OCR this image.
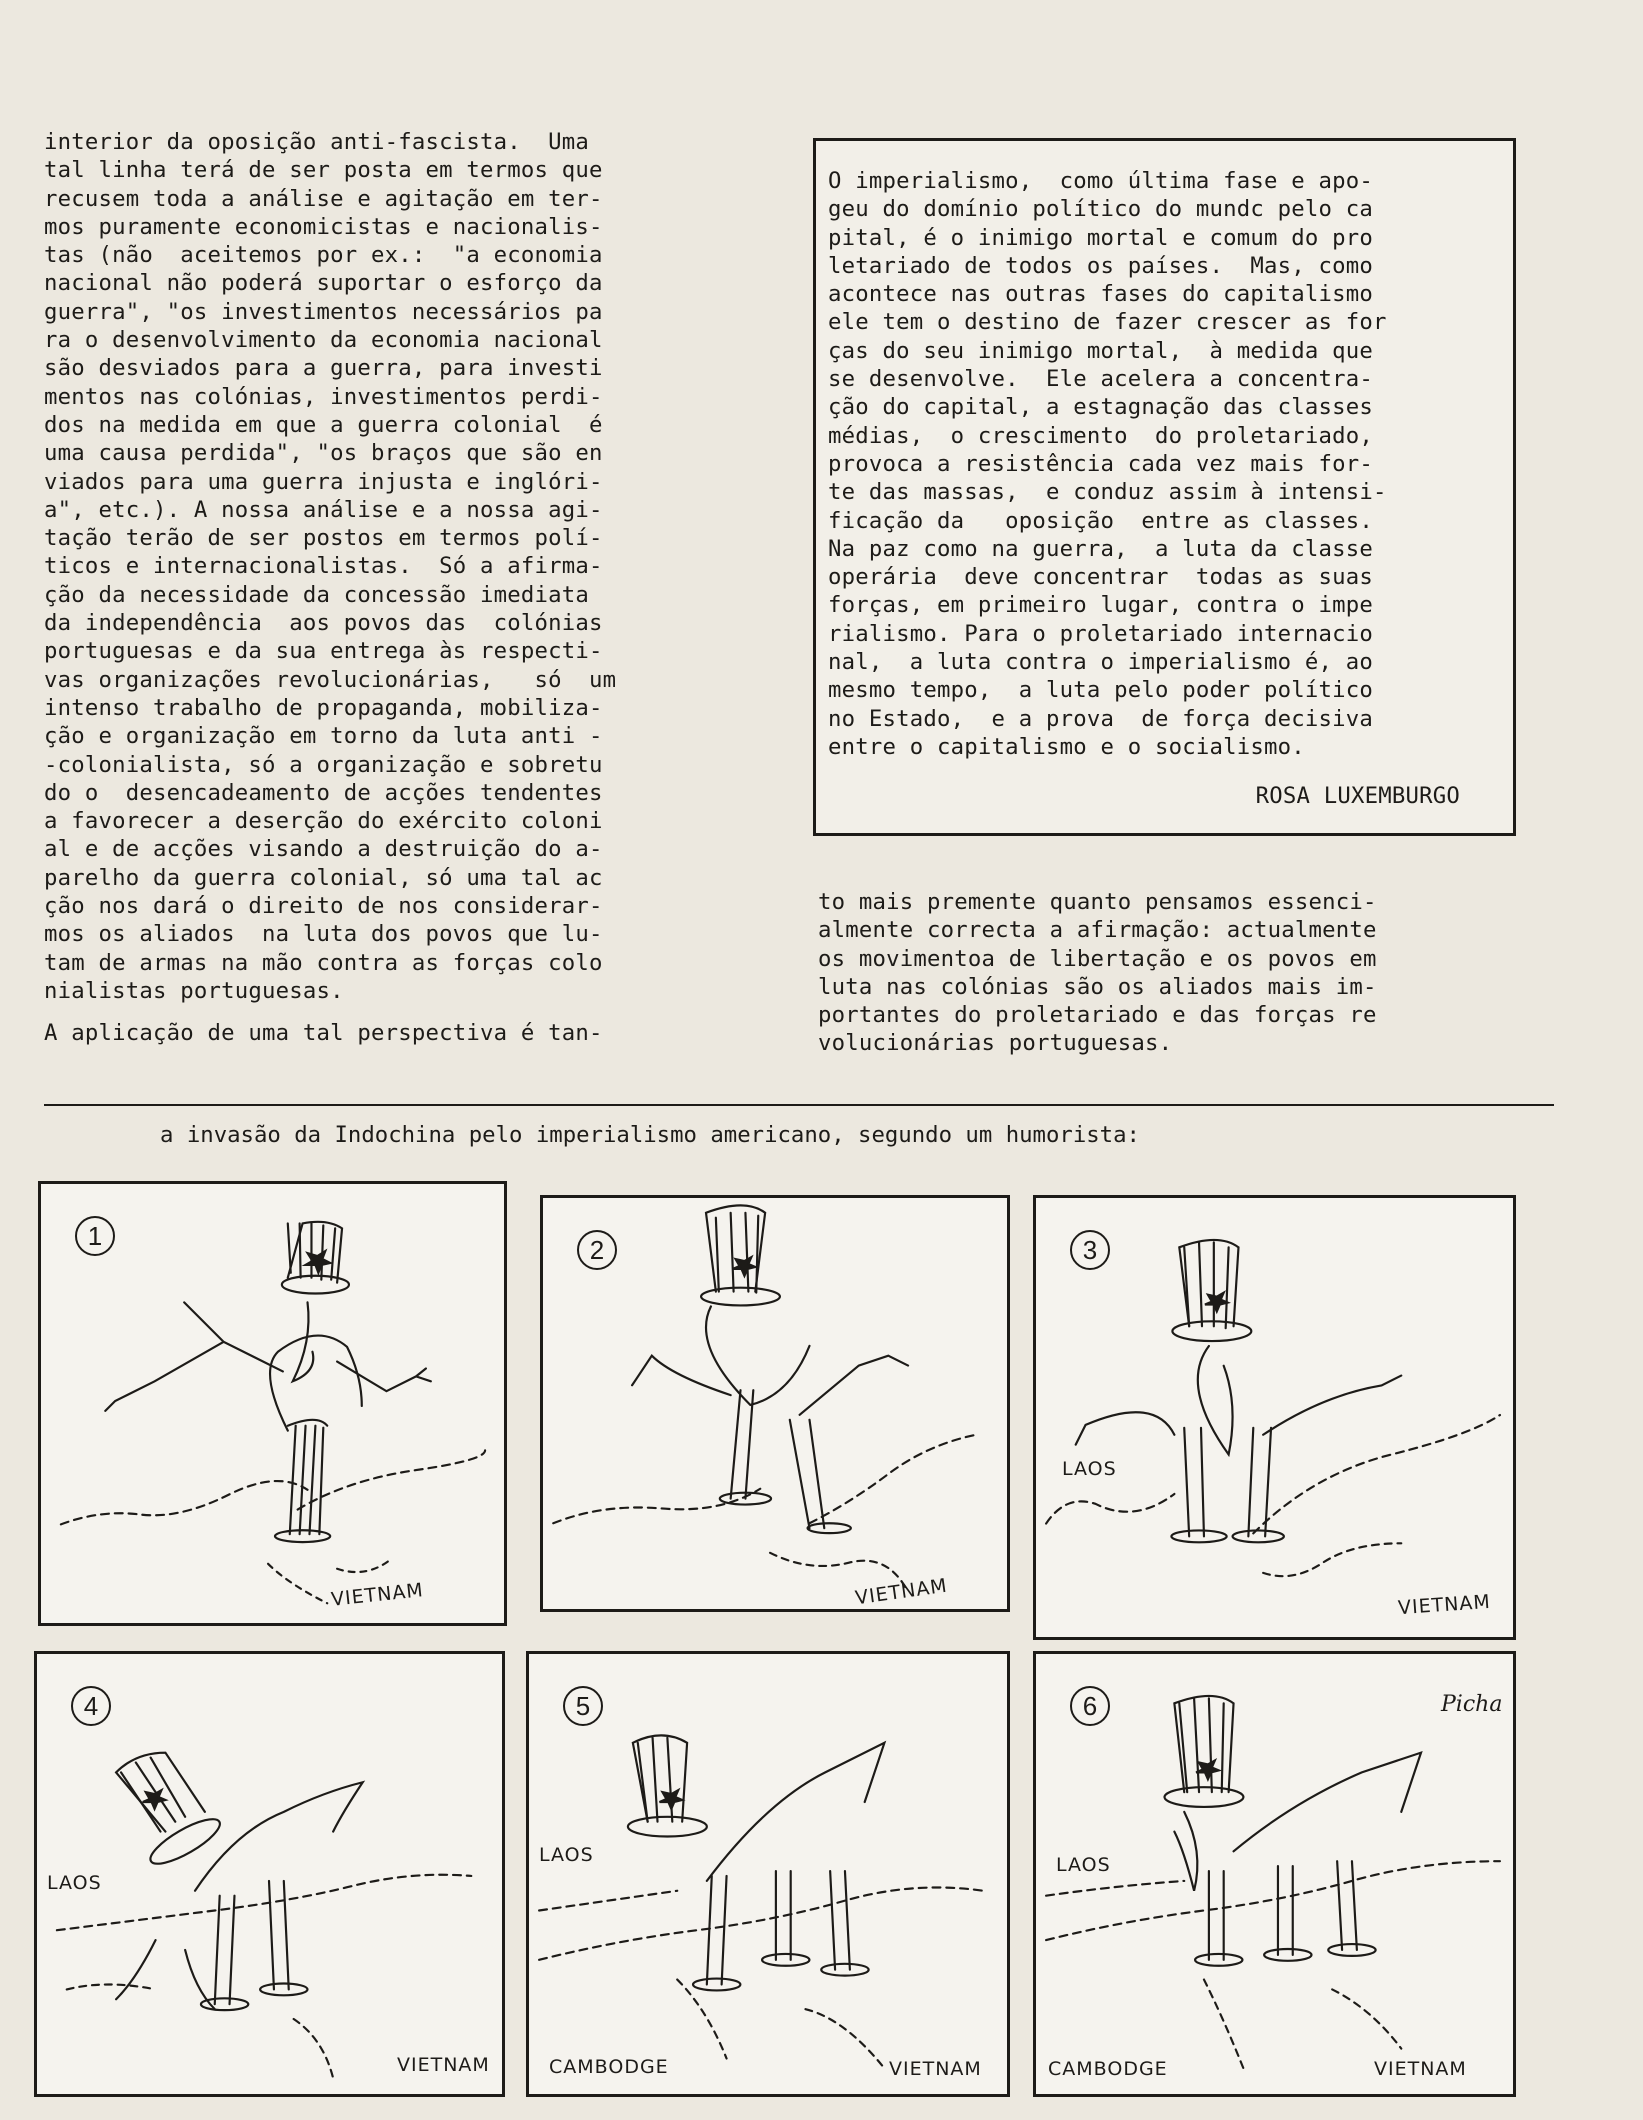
interior da oposição anti-fascista.  Uma
tal linha terá de ser posta em termos que
recusem toda a análise e agitação em ter-
mos puramente economicistas e nacionalis-
tas (não  aceitemos por ex.:  "a economia
nacional não poderá suportar o esforço da
guerra", "os investimentos necessários pa
ra o desenvolvimento da economia nacional
são desviados para a guerra, para investi
mentos nas colónias, investimentos perdi-
dos na medida em que a guerra colonial  é
uma causa perdida", "os braços que são en
viados para uma guerra injusta e inglóri-
a", etc.). A nossa análise e a nossa agi-
tação terão de ser postos em termos polí-
ticos e internacionalistas.  Só a afirma-
ção da necessidade da concessão imediata
da independência  aos povos das  colónias
portuguesas e da sua entrega às respecti-
vas organizações revolucionárias,   só  um
intenso trabalho de propaganda, mobiliza-
ção e organização em torno da luta anti -
-colonialista, só a organização e sobretu
do o  desencadeamento de acções tendentes
a favorecer a deserção do exército coloni
al e de acções visando a destruição do a-
parelho da guerra colonial, só uma tal ac
ção nos dará o direito de nos considerar-
mos os aliados  na luta dos povos que lu-
tam de armas na mão contra as forças colo
nialistas portuguesas.

A aplicação de uma tal perspectiva é tan-

O imperialismo,  como última fase e apo-
geu do domínio político do mundc pelo ca
pital, é o inimigo mortal e comum do pro
letariado de todos os países.  Mas, como
acontece nas outras fases do capitalismo
ele tem o destino de fazer crescer as for
ças do seu inimigo mortal,  à medida que
se desenvolve.  Ele acelera a concentra-
ção do capital, a estagnação das classes
médias,  o crescimento  do proletariado,
provoca a resistência cada vez mais for-
te das massas,  e conduz assim à intensi-
ficação da   oposição  entre as classes.
Na paz como na guerra,  a luta da classe
operária  deve concentrar  todas as suas
forças, em primeiro lugar, contra o impe
rialismo. Para o proletariado internacio
nal,  a luta contra o imperialismo é, ao
mesmo tempo,  a luta pelo poder político
no Estado,  e a prova  de força decisiva
entre o capitalismo e o socialismo.
ROSA LUXEMBURGO
to mais premente quanto pensamos essenci-
almente correcta a afirmação: actualmente
os movimentoa de libertação e os povos em
luta nas colónias são os aliados mais im-
portantes do proletariado e das forças re
volucionárias portuguesas.

a invasão da Indochina pelo imperialismo americano, segundo um humorista:

1
VIETNAM
2
VIETNAM
3
LAOS
VIETNAM
4
LAOS
VIETNAM
5
LAOS
CAMBODGE	VIETNAM
6	Picha
LAOS
CAMBODGE	VIETNAM
